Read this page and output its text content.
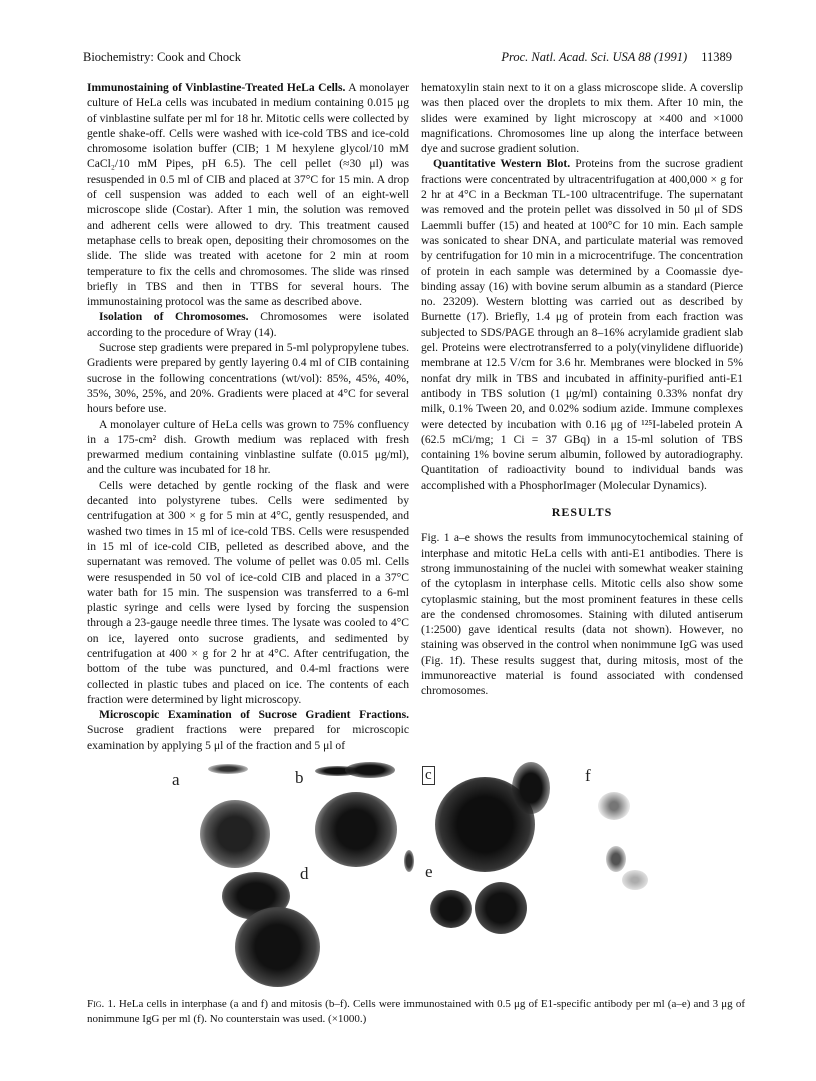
Biochemistry: Cook and Chock	Proc. Natl. Acad. Sci. USA 88 (1991) 11389

Immunostaining of Vinblastine-Treated HeLa Cells. A monolayer culture of HeLa cells was incubated in medium containing 0.015 μg of vinblastine sulfate per ml for 18 hr. Mitotic cells were collected by gentle shake-off. Cells were washed with ice-cold TBS and ice-cold chromosome isolation buffer (CIB; 1 M hexylene glycol/10 mM CaCl₂/10 mM Pipes, pH 6.5). The cell pellet (≈30 μl) was resuspended in 0.5 ml of CIB and placed at 37°C for 15 min. A drop of cell suspension was added to each well of an eight-well microscope slide (Costar). After 1 min, the solution was removed and adherent cells were allowed to dry. This treatment caused metaphase cells to break open, depositing their chromosomes on the slide. The slide was treated with acetone for 2 min at room temperature to fix the cells and chromosomes. The slide was rinsed briefly in TBS and then in TTBS for several hours. The immunostaining protocol was the same as described above.

Isolation of Chromosomes. Chromosomes were isolated according to the procedure of Wray (14).

Sucrose step gradients were prepared in 5-ml polypropylene tubes. Gradients were prepared by gently layering 0.4 ml of CIB containing sucrose in the following concentrations (wt/vol): 85%, 45%, 40%, 35%, 30%, 25%, and 20%. Gradients were placed at 4°C for several hours before use.

A monolayer culture of HeLa cells was grown to 75% confluency in a 175-cm² dish. Growth medium was replaced with fresh prewarmed medium containing vinblastine sulfate (0.015 μg/ml), and the culture was incubated for 18 hr.

Cells were detached by gentle rocking of the flask and were decanted into polystyrene tubes. Cells were sedimented by centrifugation at 300 × g for 5 min at 4°C, gently resuspended, and washed two times in 15 ml of ice-cold TBS. Cells were resuspended in 15 ml of ice-cold CIB, pelleted as described above, and the supernatant was removed. The volume of pellet was 0.05 ml. Cells were resuspended in 50 vol of ice-cold CIB and placed in a 37°C water bath for 15 min. The suspension was transferred to a 6-ml plastic syringe and cells were lysed by forcing the suspension through a 23-gauge needle three times. The lysate was cooled to 4°C on ice, layered onto sucrose gradients, and sedimented by centrifugation at 400 × g for 2 hr at 4°C. After centrifugation, the bottom of the tube was punctured, and 0.4-ml fractions were collected in plastic tubes and placed on ice. The contents of each fraction were determined by light microscopy.

Microscopic Examination of Sucrose Gradient Fractions. Sucrose gradient fractions were prepared for microscopic examination by applying 5 μl of the fraction and 5 μl of

hematoxylin stain next to it on a glass microscope slide. A coverslip was then placed over the droplets to mix them. After 10 min, the slides were examined by light microscopy at ×400 and ×1000 magnifications. Chromosomes line up along the interface between dye and sucrose gradient solution.

Quantitative Western Blot. Proteins from the sucrose gradient fractions were concentrated by ultracentrifugation at 400,000 × g for 2 hr at 4°C in a Beckman TL-100 ultracentrifuge. The supernatant was removed and the protein pellet was dissolved in 50 μl of SDS Laemmli buffer (15) and heated at 100°C for 10 min. Each sample was sonicated to shear DNA, and particulate material was removed by centrifugation for 10 min in a microcentrifuge. The concentration of protein in each sample was determined by a Coomassie dye-binding assay (16) with bovine serum albumin as a standard (Pierce no. 23209). Western blotting was carried out as described by Burnette (17). Briefly, 1.4 μg of protein from each fraction was subjected to SDS/PAGE through an 8–16% acrylamide gradient slab gel. Proteins were electrotransferred to a poly(vinylidene difluoride) membrane at 12.5 V/cm for 3.6 hr. Membranes were blocked in 5% nonfat dry milk in TBS and incubated in affinity-purified anti-E1 antibody in TBS solution (1 μg/ml) containing 0.33% nonfat dry milk, 0.1% Tween 20, and 0.02% sodium azide. Immune complexes were detected by incubation with 0.16 μg of ¹²⁵I-labeled protein A (62.5 mCi/mg; 1 Ci = 37 GBq) in a 15-ml solution of TBS containing 1% bovine serum albumin, followed by autoradiography. Quantitation of radioactivity bound to individual bands was accomplished with a PhosphorImager (Molecular Dynamics).

RESULTS

Fig. 1 a–e shows the results from immunocytochemical staining of interphase and mitotic HeLa cells with anti-E1 antibodies. There is strong immunostaining of the nuclei with somewhat weaker staining of the cytoplasm in interphase cells. Mitotic cells also show some cytoplasmic staining, but the most prominent features in these cells are the condensed chromosomes. Staining with diluted antiserum (1:2500) gave identical results (data not shown). However, no staining was observed in the control when nonimmune IgG was used (Fig. 1f). These results suggest that, during mitosis, most of the immunoreactive material is found associated with condensed chromosomes.

a	b	c	f
d	e
Fig. 1. HeLa cells in interphase (a and f) and mitosis (b–f). Cells were immunostained with 0.5 μg of E1-specific antibody per ml (a–e) and 3 μg of nonimmune IgG per ml (f). No counterstain was used. (×1000.)
